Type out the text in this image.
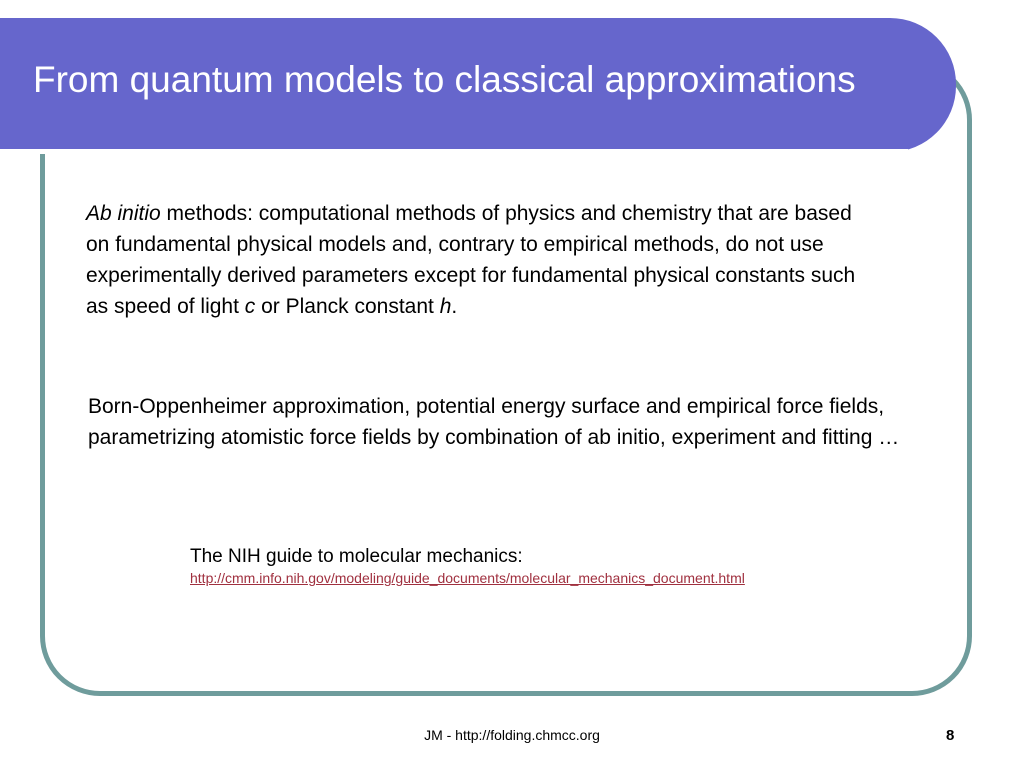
From quantum models to classical approximations
Ab initio methods: computational methods of physics and chemistry that are based on fundamental physical models and, contrary to empirical methods, do not use experimentally derived parameters except for fundamental physical constants such as speed of light c or Planck constant h.
Born-Oppenheimer approximation, potential energy surface and empirical force fields, parametrizing atomistic force fields by combination of ab initio, experiment and fitting …
The NIH guide to molecular mechanics:
http://cmm.info.nih.gov/modeling/guide_documents/molecular_mechanics_document.html
JM - http://folding.chmcc.org	8
